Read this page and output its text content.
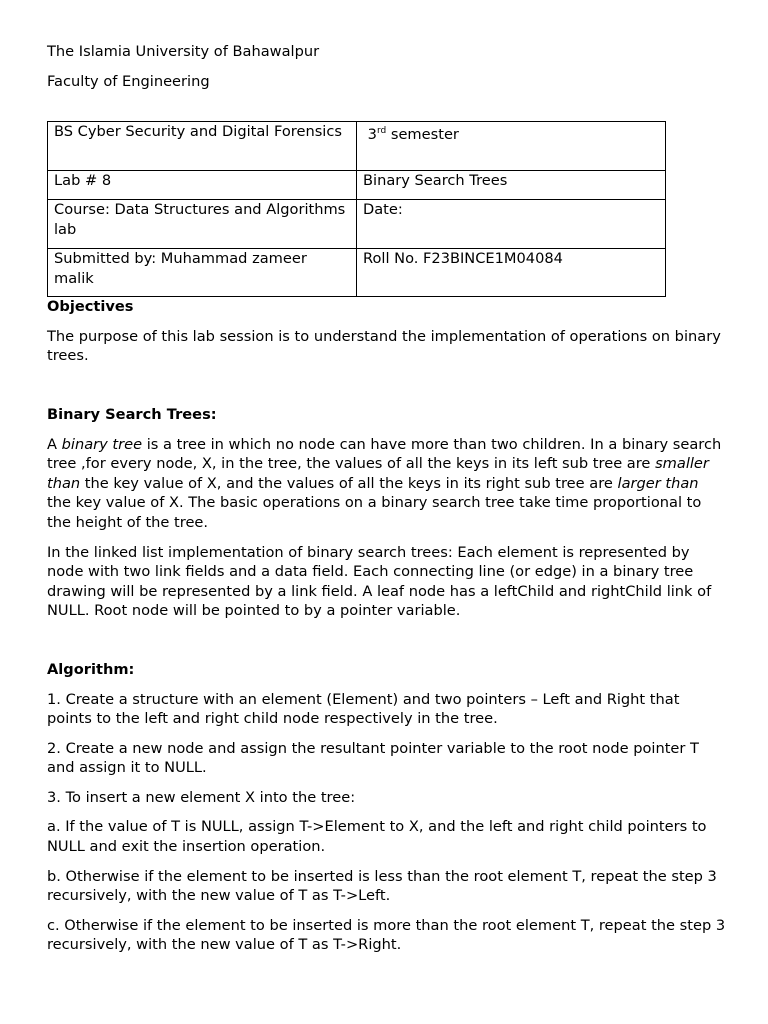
The Islamia University of Bahawalpur

Faculty of Engineering

BS Cyber Security and Digital Forensics	3rd semester
Lab # 8	Binary Search Trees
Course: Data Structures and Algorithms lab	Date:
Submitted by: Muhammad zameer malik	Roll No. F23BINCE1M04084

Objectives

The purpose of this lab session is to understand the implementation of operations on binary trees.

Binary Search Trees:

A binary tree is a tree in which no node can have more than two children. In a binary search tree ,for every node, X, in the tree, the values of all the keys in its left sub tree are smaller than the key value of X, and the values of all the keys in its right sub tree are larger than the key value of X. The basic operations on a binary search tree take time proportional to the height of the tree.

In the linked list implementation of binary search trees: Each element is represented by node with two link fields and a data field. Each connecting line (or edge) in a binary tree drawing will be represented by a link field. A leaf node has a leftChild and rightChild link of NULL. Root node will be pointed to by a pointer variable.

Algorithm:

1. Create a structure with an element (Element) and two pointers – Left and Right that points to the left and right child node respectively in the tree.

2. Create a new node and assign the resultant pointer variable to the root node pointer T and assign it to NULL.

3. To insert a new element X into the tree:

a. If the value of T is NULL, assign T->Element to X, and the left and right child pointers to NULL and exit the insertion operation.

b. Otherwise if the element to be inserted is less than the root element T, repeat the step 3 recursively, with the new value of T as T->Left.

c. Otherwise if the element to be inserted is more than the root element T, repeat the step 3 recursively, with the new value of T as T->Right.
